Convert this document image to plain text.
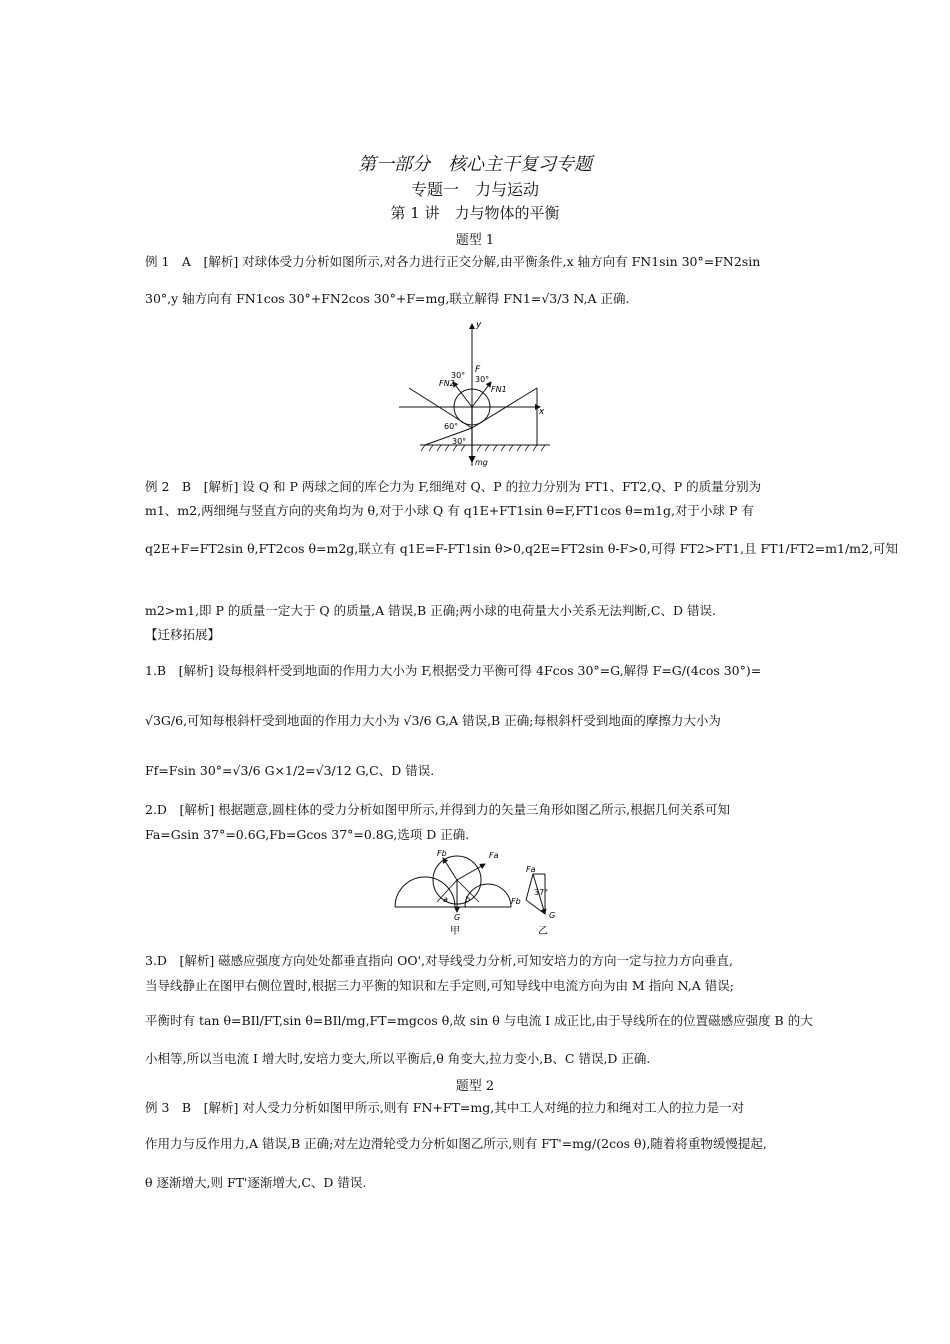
第一部分　核心主干复习专题
专题一　力与运动
第 1 讲　力与物体的平衡
题型 1
例 1　A　[解析] 对球体受力分析如图所示,对各力进行正交分解,由平衡条件,x 轴方向有 FN1sin 30°=FN2sin
30°,y 轴方向有 FN1cos 30°+FN2cos 30°+F=mg,联立解得 FN1=√3/3 N,A 正确.
y
x
F
30° 30°
FN2
FN1
60°
30°
mg
例 2　B　[解析] 设 Q 和 P 两球之间的库仑力为 F,细绳对 Q、P 的拉力分别为 FT1、FT2,Q、P 的质量分别为
m1、m2,两细绳与竖直方向的夹角均为 θ,对于小球 Q 有 q1E+FT1sin θ=F,FT1cos θ=m1g,对于小球 P 有
q2E+F=FT2sin θ,FT2cos θ=m2g,联立有 q1E=F-FT1sin θ>0,q2E=FT2sin θ-F>0,可得 FT2>FT1,且 FT1/FT2=m1/m2,可知
m2>m1,即 P 的质量一定大于 Q 的质量,A 错误,B 正确;两小球的电荷量大小关系无法判断,C、D 错误.
【迁移拓展】
1.B　[解析] 设每根斜杆受到地面的作用力大小为 F,根据受力平衡可得 4Fcos 30°=G,解得 F=G/(4cos 30°)=
√3G/6,可知每根斜杆受到地面的作用力大小为 √3/6 G,A 错误,B 正确;每根斜杆受到地面的摩擦力大小为
Ff=Fsin 30°=√3/6 G×1/2=√3/12 G,C、D 错误.
2.D　[解析] 根据题意,圆柱体的受力分析如图甲所示,并得到力的矢量三角形如图乙所示,根据几何关系可知
Fa=Gsin 37°=0.6G,Fb=Gcos 37°=0.8G,选项 D 正确.
Fb	Fa
a b
G
甲
Fa
37°
Fb
G
乙
3.D　[解析] 磁感应强度方向处处都垂直指向 OO',对导线受力分析,可知安培力的方向一定与拉力方向垂直,
当导线静止在图甲右侧位置时,根据三力平衡的知识和左手定则,可知导线中电流方向为由 M 指向 N,A 错误;
平衡时有 tan θ=BIl/FT,sin θ=BIl/mg,FT=mgcos θ,故 sin θ 与电流 I 成正比,由于导线所在的位置磁感应强度 B 的大
小相等,所以当电流 I 增大时,安培力变大,所以平衡后,θ 角变大,拉力变小,B、C 错误,D 正确.
题型 2
例 3　B　[解析] 对人受力分析如图甲所示,则有 FN+FT=mg,其中工人对绳的拉力和绳对工人的拉力是一对
作用力与反作用力,A 错误,B 正确;对左边滑轮受力分析如图乙所示,则有 FT'=mg/(2cos θ),随着将重物缓慢提起,
θ 逐渐增大,则 FT'逐渐增大,C、D 错误.
